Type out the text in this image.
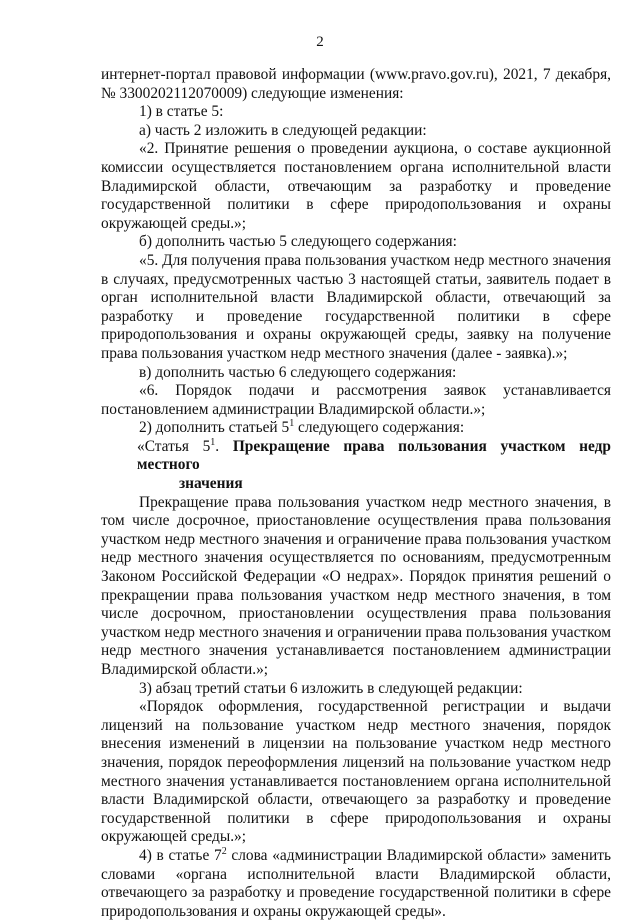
2

интернет-портал правовой информации (www.pravo.gov.ru), 2021, 7 декабря, № 3300202112070009) следующие изменения:

1) в статье 5:

а) часть 2 изложить в следующей редакции:

«2. Принятие решения о проведении аукциона, о составе аукционной комиссии осуществляется постановлением органа исполнительной власти Владимирской области, отвечающим за разработку и проведение государственной политики в сфере природопользования и охраны окружающей среды.»;

б) дополнить частью 5 следующего содержания:

«5. Для получения права пользования участком недр местного значения в случаях, предусмотренных частью 3 настоящей статьи, заявитель подает в орган исполнительной власти Владимирской области, отвечающий за разработку и проведение государственной политики в сфере природопользования и охраны окружающей среды, заявку на получение права пользования участком недр местного значения (далее - заявка).»;

в) дополнить частью 6 следующего содержания:

«6. Порядок подачи и рассмотрения заявок устанавливается постановлением администрации Владимирской области.»;

2) дополнить статьей $5^1$ следующего содержания:

«Статья $5^1$. Прекращение права пользования участком недр местного

значения

Прекращение права пользования участком недр местного значения, в том числе досрочное, приостановление осуществления права пользования участком недр местного значения и ограничение права пользования участком недр местного значения осуществляется по основаниям, предусмотренным Законом Российской Федерации «О недрах». Порядок принятия решений о прекращении права пользования участком недр местного значения, в том числе досрочном, приостановлении осуществления права пользования участком недр местного значения и ограничении права пользования участком недр местного значения устанавливается постановлением администрации Владимирской области.»;

3) абзац третий статьи 6 изложить в следующей редакции:

«Порядок оформления, государственной регистрации и выдачи лицензий на пользование участком недр местного значения, порядок внесения изменений в лицензии на пользование участком недр местного значения, порядок переоформления лицензий на пользование участком недр местного значения устанавливается постановлением органа исполнительной власти Владимирской области, отвечающего за разработку и проведение государственной политики в сфере природопользования и охраны окружающей среды.»;

4) в статье $7^2$ слова «администрации Владимирской области» заменить словами «органа исполнительной власти Владимирской области, отвечающего за разработку и проведение государственной политики в сфере природопользования и охраны окружающей среды».
